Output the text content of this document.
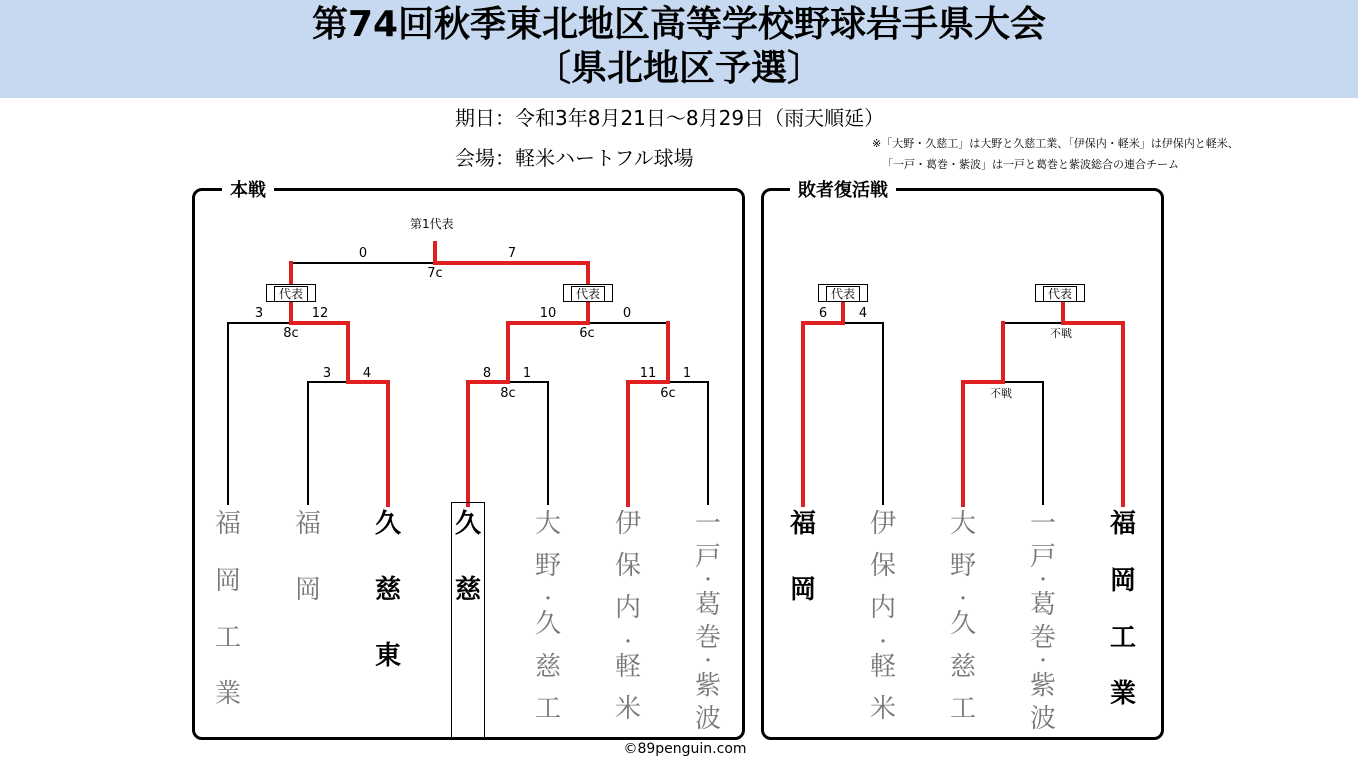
第74回秋季東北地区高等学校野球岩手県大会
〔県北地区予選〕
期日：令和3年8月21日～8月29日（雨天順延）
会場：軽米ハートフル球場
※「大野・久慈工」は大野と久慈工業、「伊保内・軽米」は伊保内と軽米、
「一戸・葛巻・紫波」は一戸と葛巻と紫波総合の連合チーム
本戦	敗者復活戦
第1代表
0	7
7c
代表	代表
3	12
8c
10	0
6c
3	4	8	1
8c
11	1
6c
代表	代表
6	4
不戦
不戦
福
岡
工
業
福
岡
久
慈
東
久
慈
大
野
・
久
慈
工
伊
保
内
・
軽
米
一
戸
・
葛
巻
・
紫
波
福
岡
伊
保
内
・
軽
米
大
野
・
久
慈
工
一
戸
・
葛
巻
・
紫
波
福
岡
工
業
©89penguin.com
